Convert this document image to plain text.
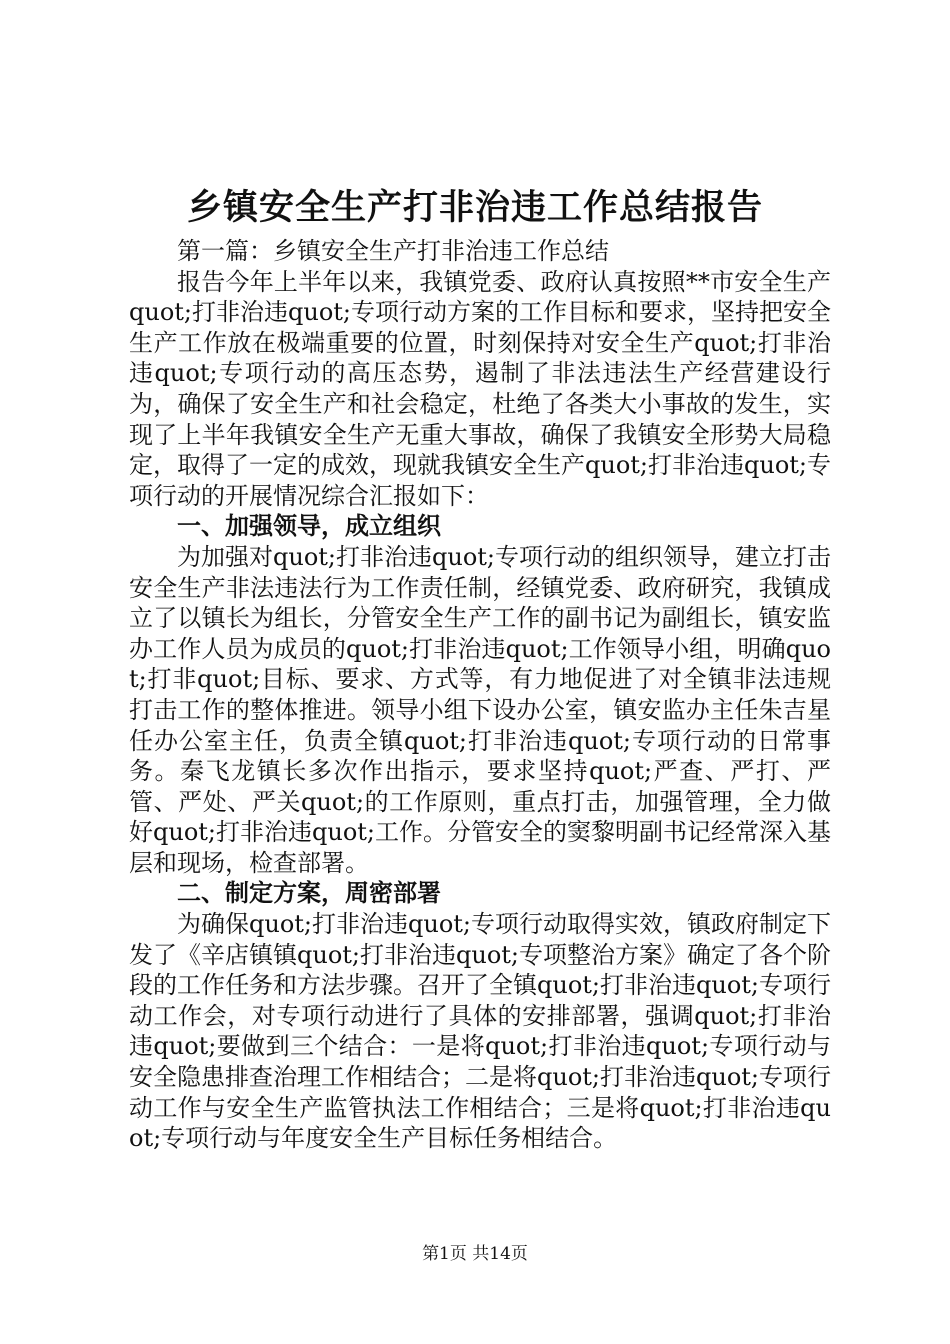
乡镇安全生产打非治违工作总结报告

第一篇：乡镇安全生产打非治违工作总结

报告今年上半年以来，我镇党委、政府认真按照**市安全生产quot;打非治违quot;专项行动方案的工作目标和要求，坚持把安全生产工作放在极端重要的位置，时刻保持对安全生产quot;打非治违quot;专项行动的高压态势，遏制了非法违法生产经营建设行为，确保了安全生产和社会稳定，杜绝了各类大小事故的发生，实现了上半年我镇安全生产无重大事故，确保了我镇安全形势大局稳定，取得了一定的成效，现就我镇安全生产quot;打非治违quot;专项行动的开展情况综合汇报如下：

一、加强领导，成立组织

为加强对quot;打非治违quot;专项行动的组织领导，建立打击安全生产非法违法行为工作责任制，经镇党委、政府研究，我镇成立了以镇长为组长，分管安全生产工作的副书记为副组长，镇安监办工作人员为成员的quot;打非治违quot;工作领导小组，明确quot;打非quot;目标、要求、方式等，有力地促进了对全镇非法违规打击工作的整体推进。领导小组下设办公室，镇安监办主任朱吉星任办公室主任，负责全镇quot;打非治违quot;专项行动的日常事务。秦飞龙镇长多次作出指示，要求坚持quot;严查、严打、严管、严处、严关quot;的工作原则，重点打击，加强管理，全力做好quot;打非治违quot;工作。分管安全的窦黎明副书记经常深入基层和现场，检查部署。

二、制定方案，周密部署

为确保quot;打非治违quot;专项行动取得实效，镇政府制定下发了《辛店镇镇quot;打非治违quot;专项整治方案》确定了各个阶段的工作任务和方法步骤。召开了全镇quot;打非治违quot;专项行动工作会，对专项行动进行了具体的安排部署，强调quot;打非治违quot;要做到三个结合：一是将quot;打非治违quot;专项行动与安全隐患排查治理工作相结合；二是将quot;打非治违quot;专项行动工作与安全生产监管执法工作相结合；三是将quot;打非治违quot;专项行动与年度安全生产目标任务相结合。

第1页 共14页
